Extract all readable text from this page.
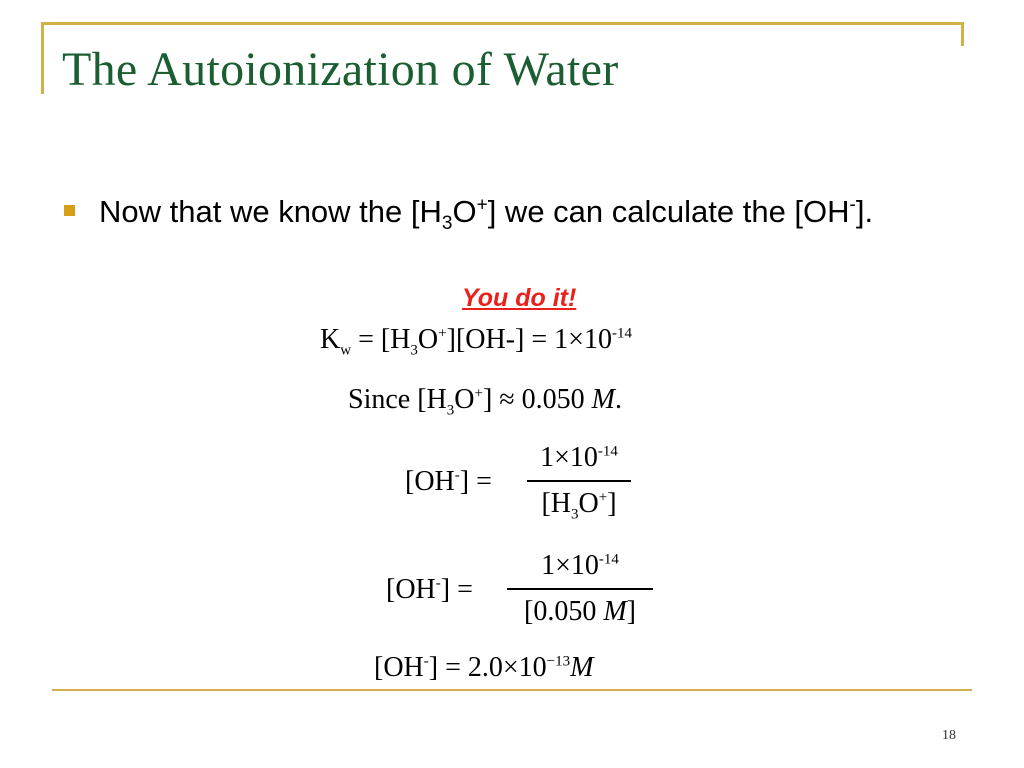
The Autoionization of Water
Now that we know the $[H_3O^+]$ we can calculate the [OH-].
You do it!
$K_w = [H_3O^+][OH-] = 1\times 10^{-14}$
Since $[H_3O^+] \approx 0.050$ M.
[OH-] =
$1\times 10^{-14}$
$[H_3O^+]$
[OH-] =
$1\times 10^{-14}$
[0.050 M]
$[OH^-] = 2.0\times 10^{-13}M$
18
